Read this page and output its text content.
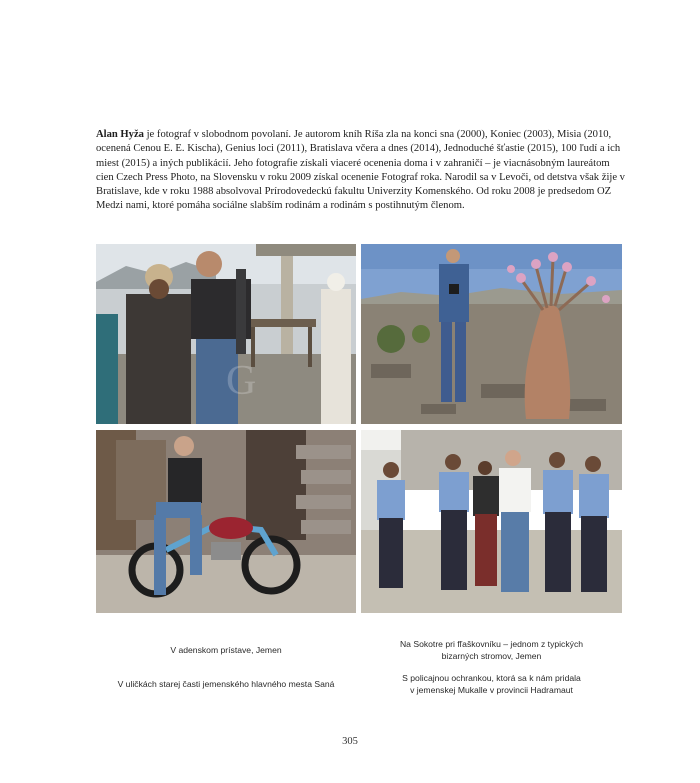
Alan Hyža je fotograf v slobodnom povolaní. Je autorom kníh Ríša zla na konci sna (2000), Koniec (2003), Misia (2010, ocenená Cenou E. E. Kischa), Genius loci (2011), Bratislava včera a dnes (2014), Jednoduché šťastie (2015), 100 ľudí a ich miest (2015) a iných publikácií. Jeho fotografie získali viaceré ocenenia doma i v zahraničí – je viacnásobným laureátom cien Czech Press Photo, na Slovensku v roku 2009 získal ocenenie Fotograf roka. Narodil sa v Levoči, od detstva však žije v Bratislave, kde v roku 1988 absolvoval Prírodovedeckú fakultu Univerzity Komenského. Od roku 2008 je predsedom OZ Medzi nami, ktoré pomáha sociálne slabším rodinám a rodinám s postihnutým členom.

G
V adenskom prístave, Jemen
Na Sokotre pri fľaškovníku – jednom z typických
bizarných stromov, Jemen
V uličkách starej časti jemenského hlavného mesta Saná
S policajnou ochrankou, ktorá sa k nám pridala
v jemenskej Mukalle v provincii Hadramaut
305
